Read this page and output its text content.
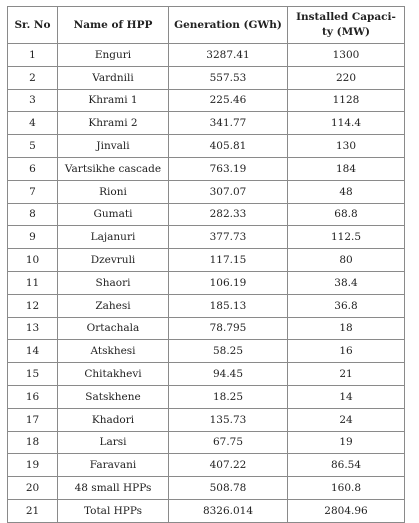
Sr. No	Name of HPP	Generation (GWh)	Installed Capaci-ty (MW)
1	Enguri	3287.41	1300
2	Vardnili	557.53	220
3	Khrami 1	225.46	1128
4	Khrami 2	341.77	114.4
5	Jinvali	405.81	130
6	Vartsikhe cascade	763.19	184
7	Rioni	307.07	48
8	Gumati	282.33	68.8
9	Lajanuri	377.73	112.5
10	Dzevruli	117.15	80
11	Shaori	106.19	38.4
12	Zahesi	185.13	36.8
13	Ortachala	78.795	18
14	Atskhesi	58.25	16
15	Chitakhevi	94.45	21
16	Satskhene	18.25	14
17	Khadori	135.73	24
18	Larsi	67.75	19
19	Faravani	407.22	86.54
20	48 small HPPs	508.78	160.8
21	Total HPPs	8326.014	2804.96
